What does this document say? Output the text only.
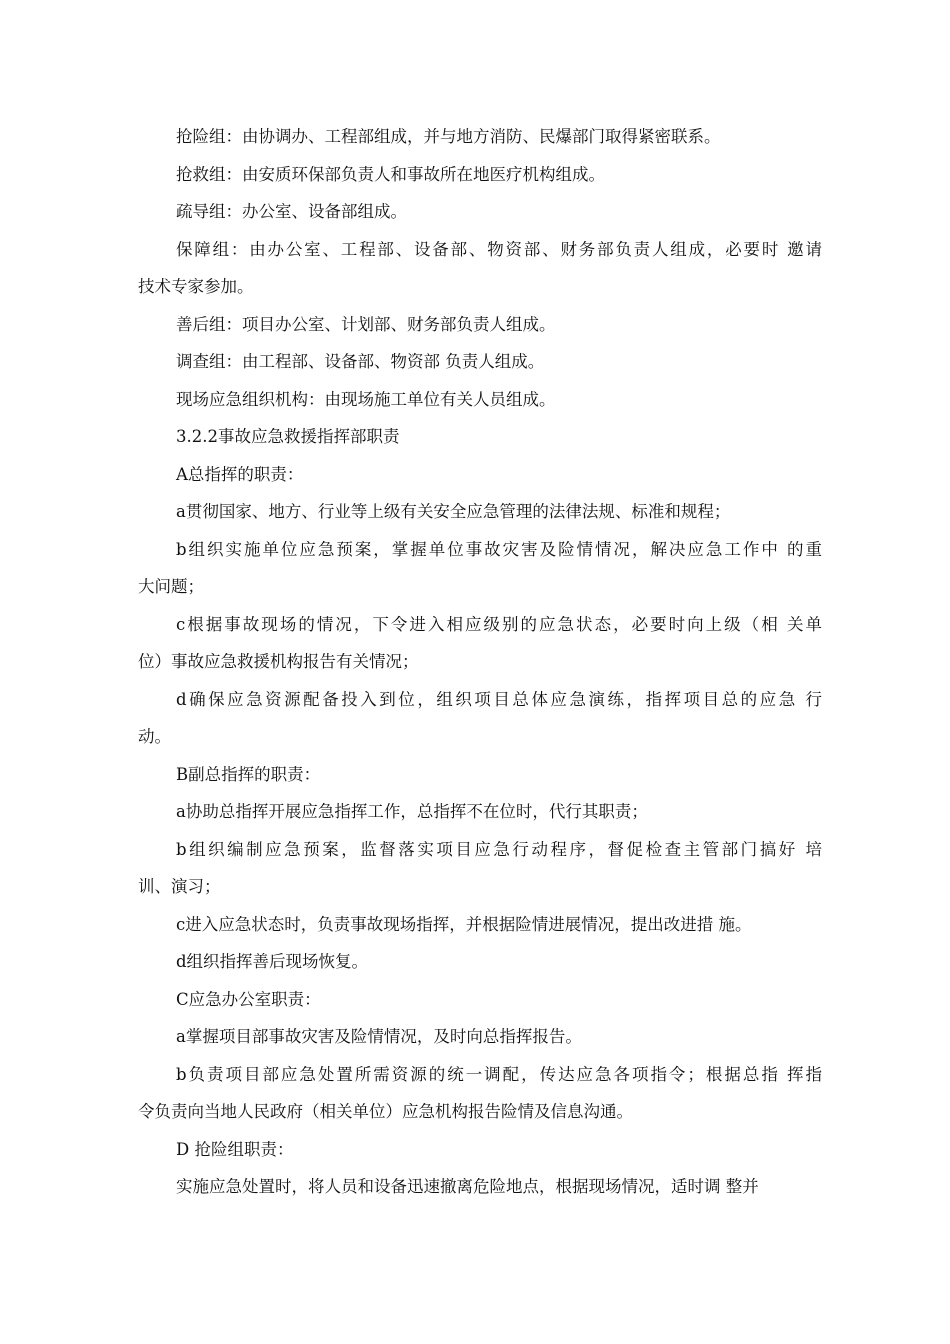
抢险组：由协调办、工程部组成，并与地方消防、民爆部门取得紧密联系。
抢救组：由安质环保部负责人和事故所在地医疗机构组成。
疏导组：办公室、设备部组成。
保障组：由办公室、工程部、设备部、物资部、财务部负责人组成，必要时 邀请
技术专家参加。
善后组：项目办公室、计划部、财务部负责人组成。
调查组：由工程部、设备部、物资部 负责人组成。
现场应急组织机构：由现场施工单位有关人员组成。
3.2.2事故应急救援指挥部职责
A总指挥的职责：
a贯彻国家、地方、行业等上级有关安全应急管理的法律法规、标准和规程；
b组织实施单位应急预案，掌握单位事故灾害及险情情况，解决应急工作中 的重
大问题；
c根据事故现场的情况，下令进入相应级别的应急状态，必要时向上级（相 关单
位）事故应急救援机构报告有关情况；
d确保应急资源配备投入到位，组织项目总体应急演练，指挥项目总的应急 行
动。
B副总指挥的职责：
a协助总指挥开展应急指挥工作，总指挥不在位时，代行其职责；
b组织编制应急预案，监督落实项目应急行动程序，督促检查主管部门搞好 培
训、演习；
c进入应急状态时，负责事故现场指挥，并根据险情进展情况，提出改进措 施。
d组织指挥善后现场恢复。
C应急办公室职责：
a掌握项目部事故灾害及险情情况，及时向总指挥报告。
b负责项目部应急处置所需资源的统一调配，传达应急各项指令；根据总指 挥指
令负责向当地人民政府（相关单位）应急机构报告险情及信息沟通。
D 抢险组职责：
实施应急处置时，将人员和设备迅速撤离危险地点，根据现场情况，适时调 整并
